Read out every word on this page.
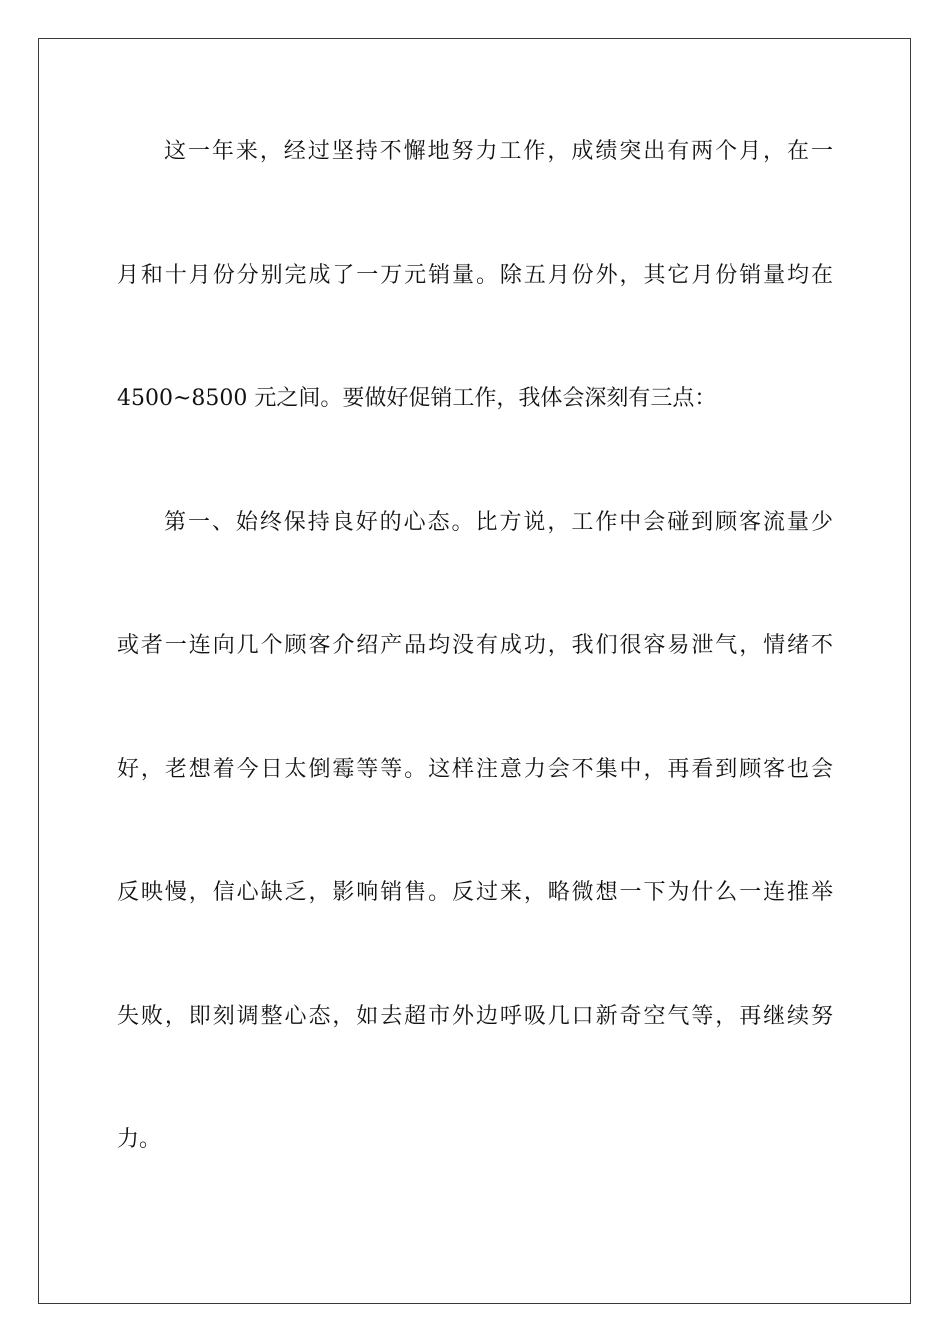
这一年来，经过坚持不懈地努力工作，成绩突出有两个月，在一
月和十月份分别完成了一万元销量。除五月份外，其它月份销量均在
4500~8500 元之间。要做好促销工作，我体会深刻有三点：
第一、始终保持良好的心态。比方说，工作中会碰到顾客流量少
或者一连向几个顾客介绍产品均没有成功，我们很容易泄气，情绪不
好，老想着今日太倒霉等等。这样注意力会不集中，再看到顾客也会
反映慢，信心缺乏，影响销售。反过来，略微想一下为什么一连推举
失败，即刻调整心态，如去超市外边呼吸几口新奇空气等，再继续努
力。
